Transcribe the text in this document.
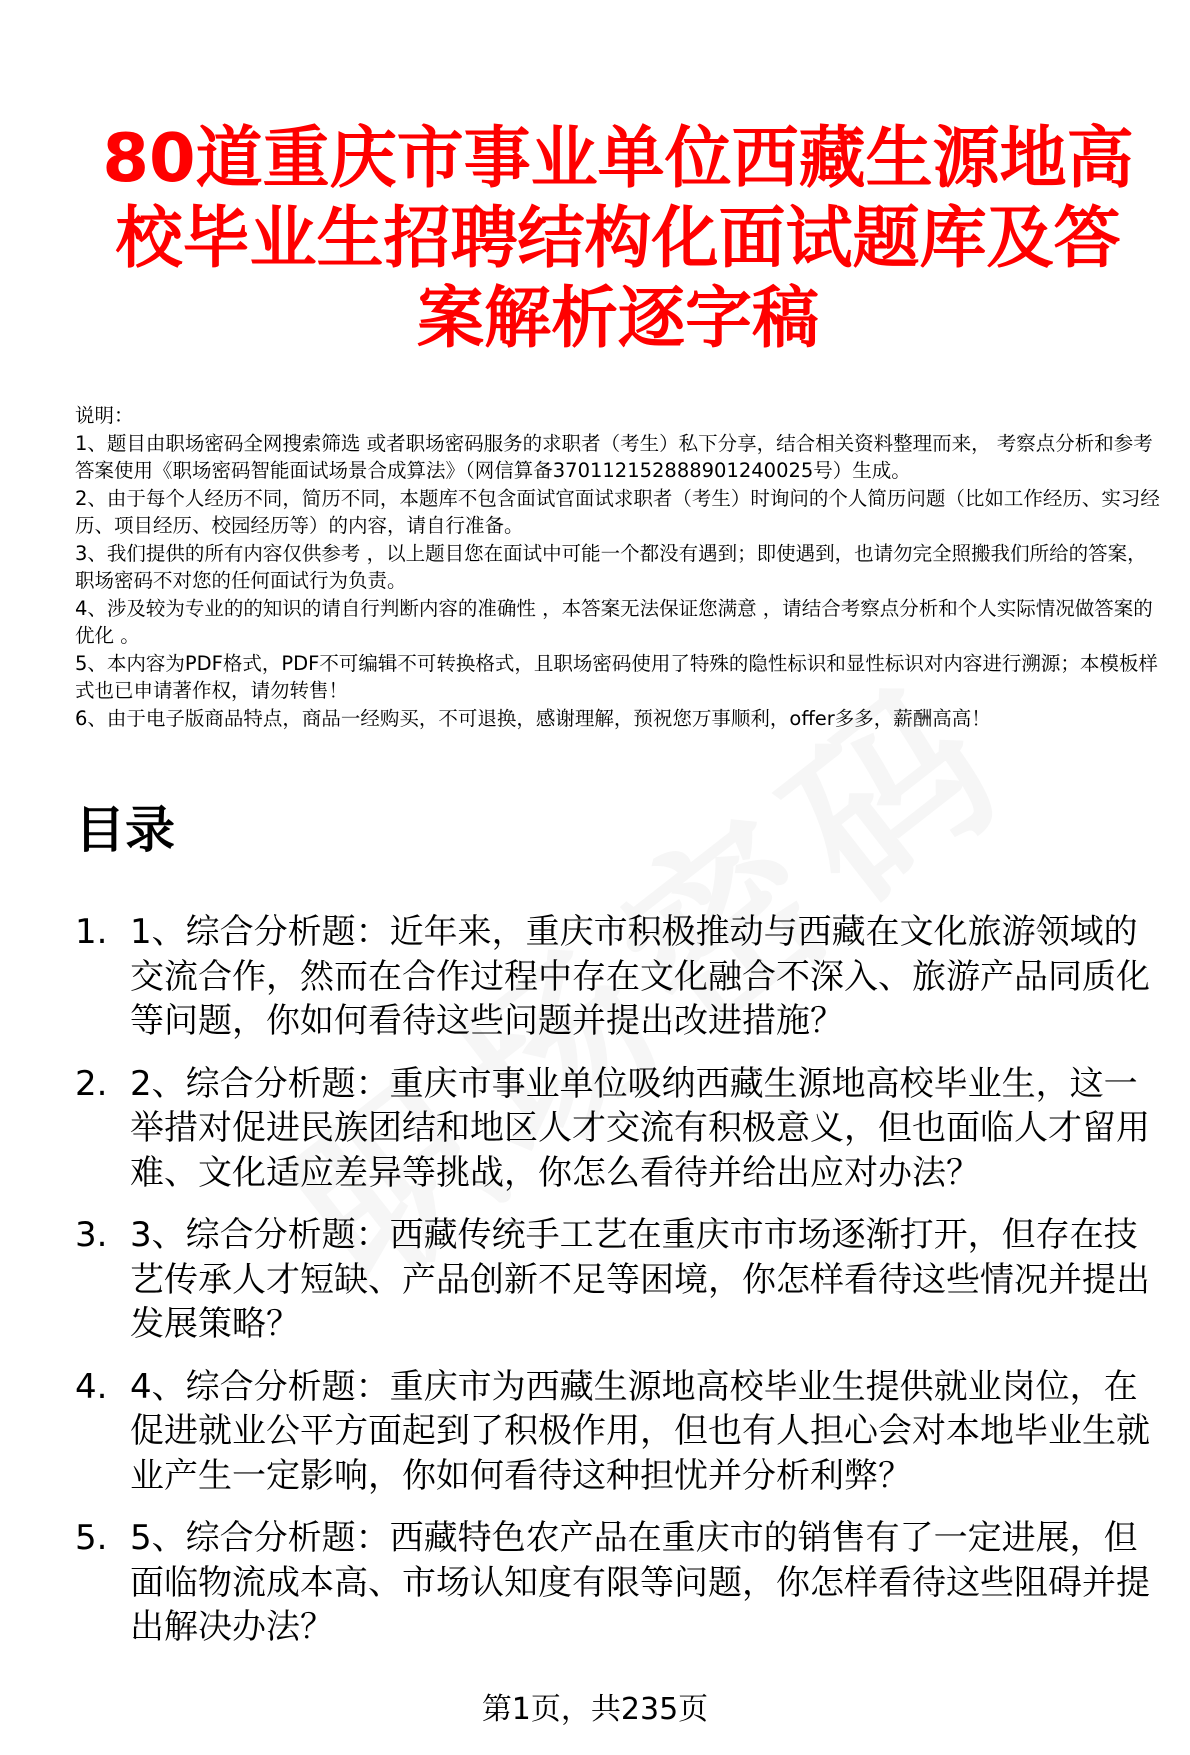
80道重庆市事业单位西藏生源地高校毕业生招聘结构化面试题库及答案解析逐字稿

说明：

1、题目由职场密码全网搜索筛选 或者职场密码服务的求职者（考生）私下分享，结合相关资料整理而来， 考察点分析和参考答案使用《职场密码智能面试场景合成算法》（网信算备370112152888901240025号）生成。

2、由于每个人经历不同，简历不同，本题库不包含面试官面试求职者（考生）时询问的个人简历问题（比如工作经历、实习经历、项目经历、校园经历等）的内容，请自行准备。

3、我们提供的所有内容仅供参考 ，以上题目您在面试中可能一个都没有遇到；即使遇到，也请勿完全照搬我们所给的答案，职场密码不对您的任何面试行为负责。

4、涉及较为专业的的知识的请自行判断内容的准确性 ，本答案无法保证您满意 ，请结合考察点分析和个人实际情况做答案的优化 。

5、本内容为PDF格式，PDF不可编辑不可转换格式，且职场密码使用了特殊的隐性标识和显性标识对内容进行溯源；本模板样式也已申请著作权，请勿转售！

6、由于电子版商品特点，商品一经购买，不可退换，感谢理解，预祝您万事顺利，offer多多，薪酬高高！

目录
1. 1、综合分析题：近年来，重庆市积极推动与西藏在文化旅游领域的交流合作，然而在合作过程中存在文化融合不深入、旅游产品同质化等问题，你如何看待这些问题并提出改进措施？
2. 2、综合分析题：重庆市事业单位吸纳西藏生源地高校毕业生，这一举措对促进民族团结和地区人才交流有积极意义，但也面临人才留用难、文化适应差异等挑战，你怎么看待并给出应对办法？
3. 3、综合分析题：西藏传统手工艺在重庆市市场逐渐打开，但存在技艺传承人才短缺、产品创新不足等困境，你怎样看待这些情况并提出发展策略？
4. 4、综合分析题：重庆市为西藏生源地高校毕业生提供就业岗位，在促进就业公平方面起到了积极作用，但也有人担心会对本地毕业生就业产生一定影响，你如何看待这种担忧并分析利弊？
5. 5、综合分析题：西藏特色农产品在重庆市的销售有了一定进展，但面临物流成本高、市场认知度有限等问题，你怎样看待这些阻碍并提出解决办法？
第1页，共235页
